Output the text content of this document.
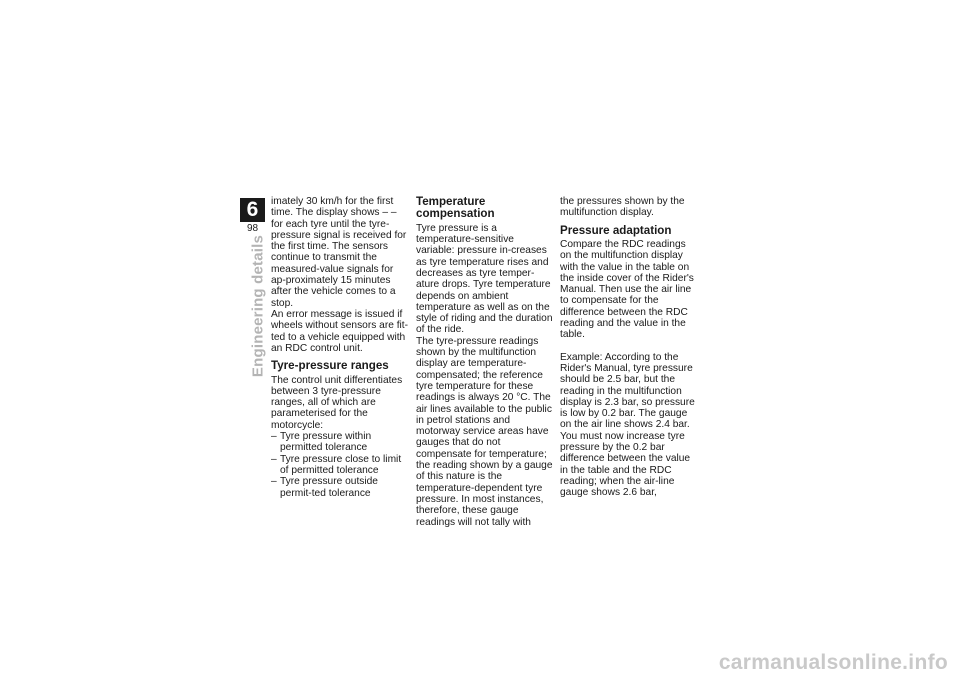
6
98
Engineering details

imately 30 km/h for the first time. The display shows – – for each tyre until the tyre-pressure signal is received for the first time. The sensors continue to transmit the measured-value signals for ap-proximately 15 minutes after the vehicle comes to a stop.

An error message is issued if wheels without sensors are fit-ted to a vehicle equipped with an RDC control unit.

Tyre-pressure ranges

The control unit differentiates between 3 tyre-pressure ranges, all of which are parameterised for the motorcycle:

– Tyre pressure within permitted tolerance
– Tyre pressure close to limit of permitted tolerance
– Tyre pressure outside permit-ted tolerance
Temperature compensation

Tyre pressure is a temperature-sensitive variable: pressure in-creases as tyre temperature rises and decreases as tyre temper-ature drops. Tyre temperature depends on ambient temperature as well as on the style of riding and the duration of the ride.

The tyre-pressure readings shown by the multifunction display are temperature-compensated; the reference tyre temperature for these readings is always 20 °C. The air lines available to the public in petrol stations and motorway service areas have gauges that do not compensate for temperature; the reading shown by a gauge of this nature is the temperature-dependent tyre pressure. In most instances, therefore, these gauge readings will not tally with

the pressures shown by the multifunction display.

Pressure adaptation

Compare the RDC readings on the multifunction display with the value in the table on the inside cover of the Rider's Manual. Then use the air line to compensate for the difference between the RDC reading and the value in the table.

Example: According to the Rider's Manual, tyre pressure should be 2.5 bar, but the reading in the multifunction display is 2.3 bar, so pressure is low by 0.2 bar. The gauge on the air line shows 2.4 bar. You must now increase tyre pressure by the 0.2 bar difference between the value in the table and the RDC reading; when the air-line gauge shows 2.6 bar,

carmanualsonline.info
